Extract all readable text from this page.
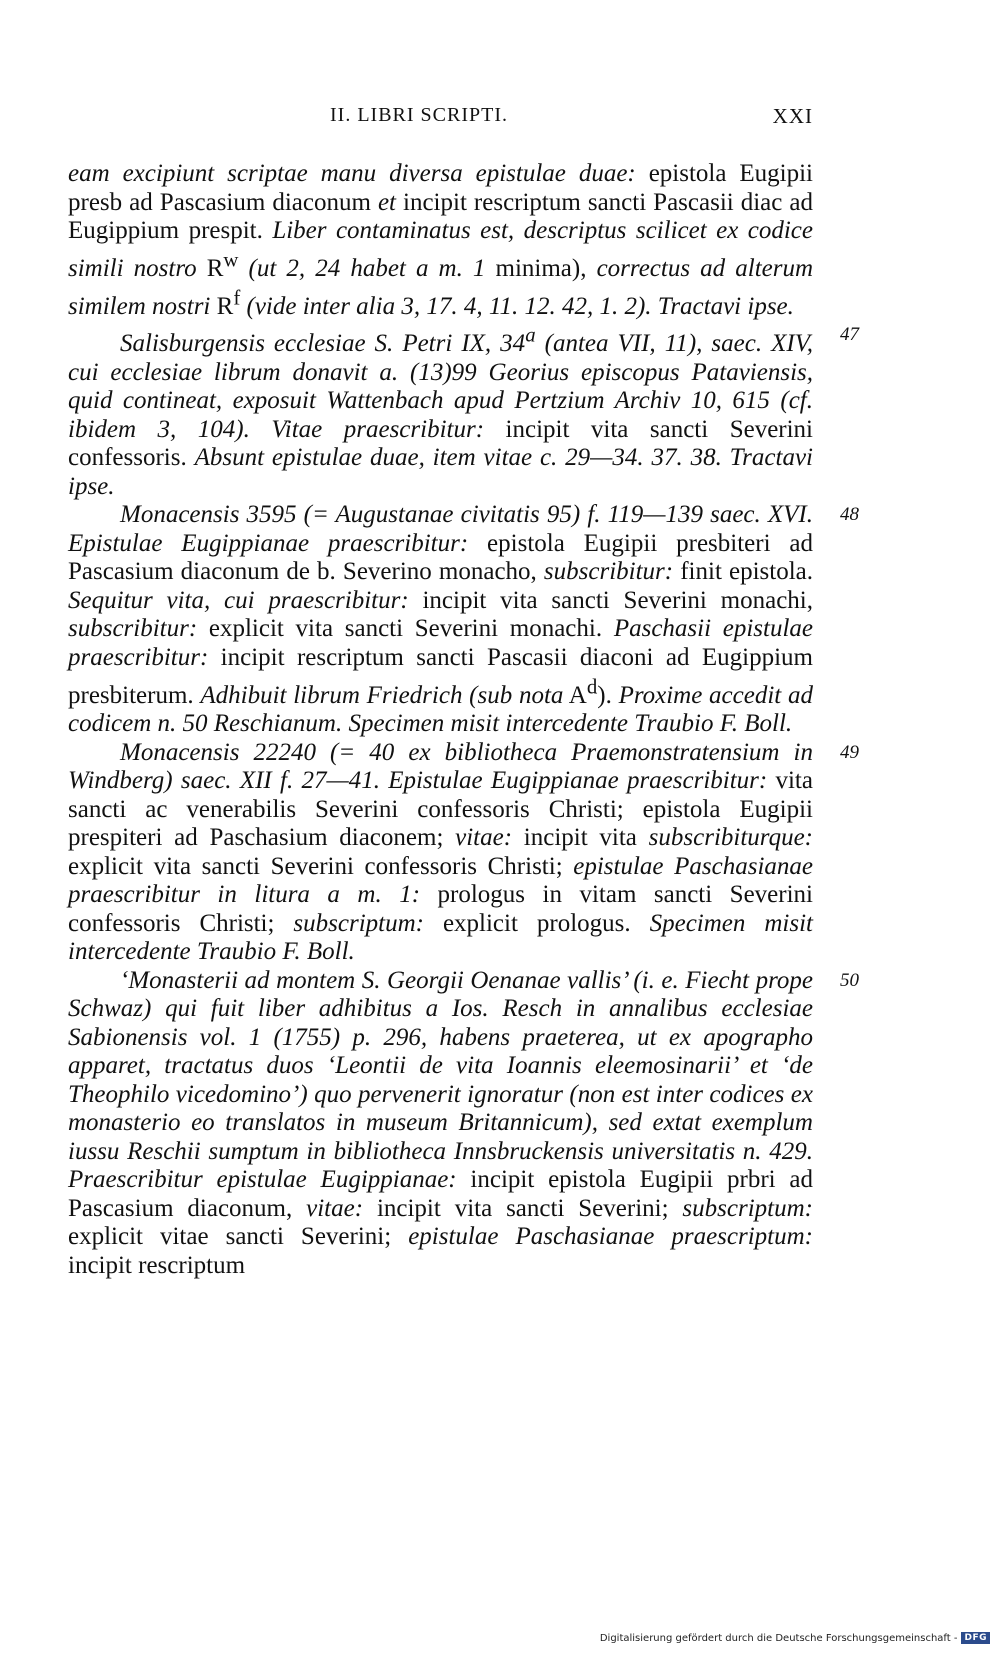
II. LIBRI SCRIPTI.	XXI

eam excipiunt scriptae manu diversa epistulae duae: epistola Eugipii presb ad Pascasium diaconum et incipit rescriptum sancti Pascasii diac ad Eugippium prespit. Liber contaminatus est, descriptus scilicet ex codice simili nostro $R^w$ (ut 2, 24 habet a m. 1 minima), correctus ad alterum similem nostri $R^f$ (vide inter alia 3, 17. 4, 11. 12. 42, 1. 2). Tractavi ipse.

47
Salisburgensis ecclesiae S. Petri IX, 34$^a$ (antea VII, 11), saec. XIV, cui ecclesiae librum donavit a. (13)99 Georius episcopus Pataviensis, quid contineat, exposuit Wattenbach apud Pertzium Archiv 10, 615 (cf. ibidem 3, 104). Vitae praescribitur: incipit vita sancti Severini confessoris. Absunt epistulae duae, item vitae c. 29—34. 37. 38. Tractavi ipse.

48
Monacensis 3595 (= Augustanae civitatis 95) f. 119—139 saec. XVI. Epistulae Eugippianae praescribitur: epistola Eugipii presbiteri ad Pascasium diaconum de b. Severino monacho, subscribitur: finit epistola. Sequitur vita, cui praescribitur: incipit vita sancti Severini monachi, subscribitur: explicit vita sancti Severini monachi. Paschasii epistulae praescribitur: incipit rescriptum sancti Pascasii diaconi ad Eugippium presbiterum. Adhibuit librum Friedrich (sub nota $A^d$). Proxime accedit ad codicem n. 50 Reschianum. Specimen misit intercedente Traubio F. Boll.

49
Monacensis 22240 (= 40 ex bibliotheca Praemonstratensium in Windberg) saec. XII f. 27—41. Epistulae Eugippianae praescribitur: vita sancti ac venerabilis Severini confessoris Christi; epistola Eugipii prespiteri ad Paschasium diaconem; vitae: incipit vita subscribiturque: explicit vita sancti Severini confessoris Christi; epistulae Paschasianae praescribitur in litura a m. 1: prologus in vitam sancti Severini confessoris Christi; subscriptum: explicit prologus. Specimen misit intercedente Traubio F. Boll.

50
‘Monasterii ad montem S. Georgii Oenanae vallis’ (i. e. Fiecht prope Schwaz) qui fuit liber adhibitus a Ios. Resch in annalibus ecclesiae Sabionensis vol. 1 (1755) p. 296, habens praeterea, ut ex apographo apparet, tractatus duos ‘Leontii de vita Ioannis eleemosinarii’ et ‘de Theophilo vicedomino’) quo pervenerit ignoratur (non est inter codices ex monasterio eo translatos in museum Britannicum), sed extat exemplum iussu Reschii sumptum in bibliotheca Innsbruckensis universitatis n. 429. Praescribitur epistulae Eugippianae: incipit epistola Eugipii prbri ad Pascasium diaconum, vitae: incipit vita sancti Severini; subscriptum: explicit vitae sancti Severini; epistulae Paschasianae praescriptum: incipit rescriptum

Digitalisierung gefördert durch die Deutsche Forschungsgemeinschaft - DFG
